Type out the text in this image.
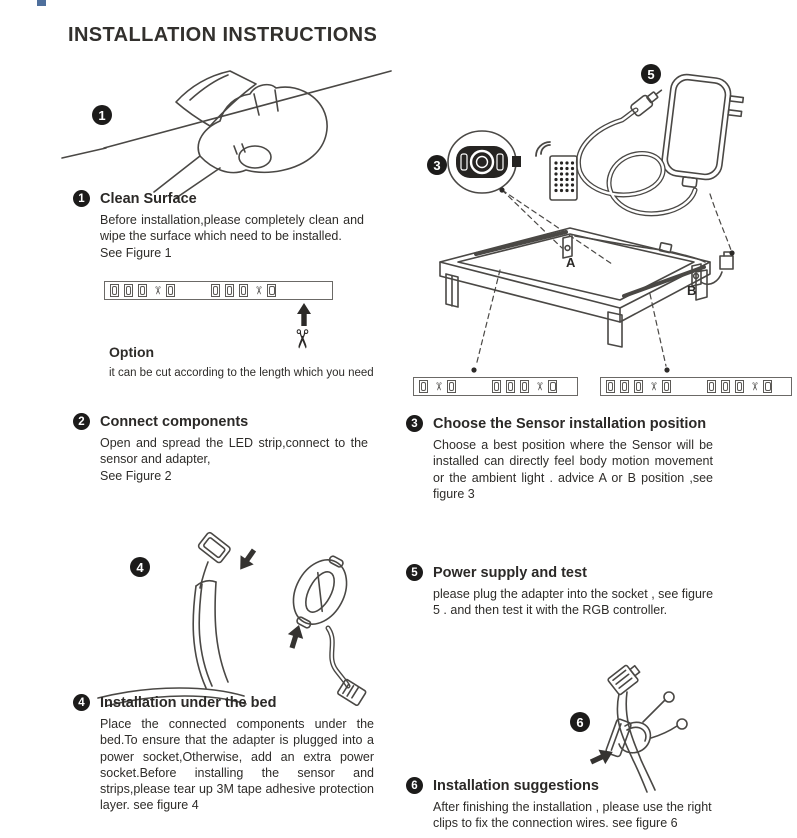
INSTALLATION INSTRUCTIONS
1
1	Clean Surface

Before installation,please completely clean and wipe the surface which need to be installed.

See Figure 1

✂	✂
✂
Option
it can be cut according to the length which you need
2	Connect components

Open and spread the LED strip,connect to the sensor and adapter,

See Figure 2

4
4	Installation under the bed

Place the connected components under the bed.To ensure that the adapter is plugged into a power socket,Otherwise, add an extra power socket.Before installing the sensor and strips,please tear up 3M tape adhesive protection layer. see figure 4

3
5
A
B
✂	✂	✂	✂
3	Choose the Sensor installation position

Choose a best position where the Sensor will be installed can directly feel body motion movement or the ambient light . advice A or B position ,see figure 3

5	Power supply and test

please plug the adapter into the socket , see figure 5 . and then test it with the RGB controller.

6
6	Installation suggestions

After finishing the installation , please use the right clips to fix the connection wires. see figure 6
